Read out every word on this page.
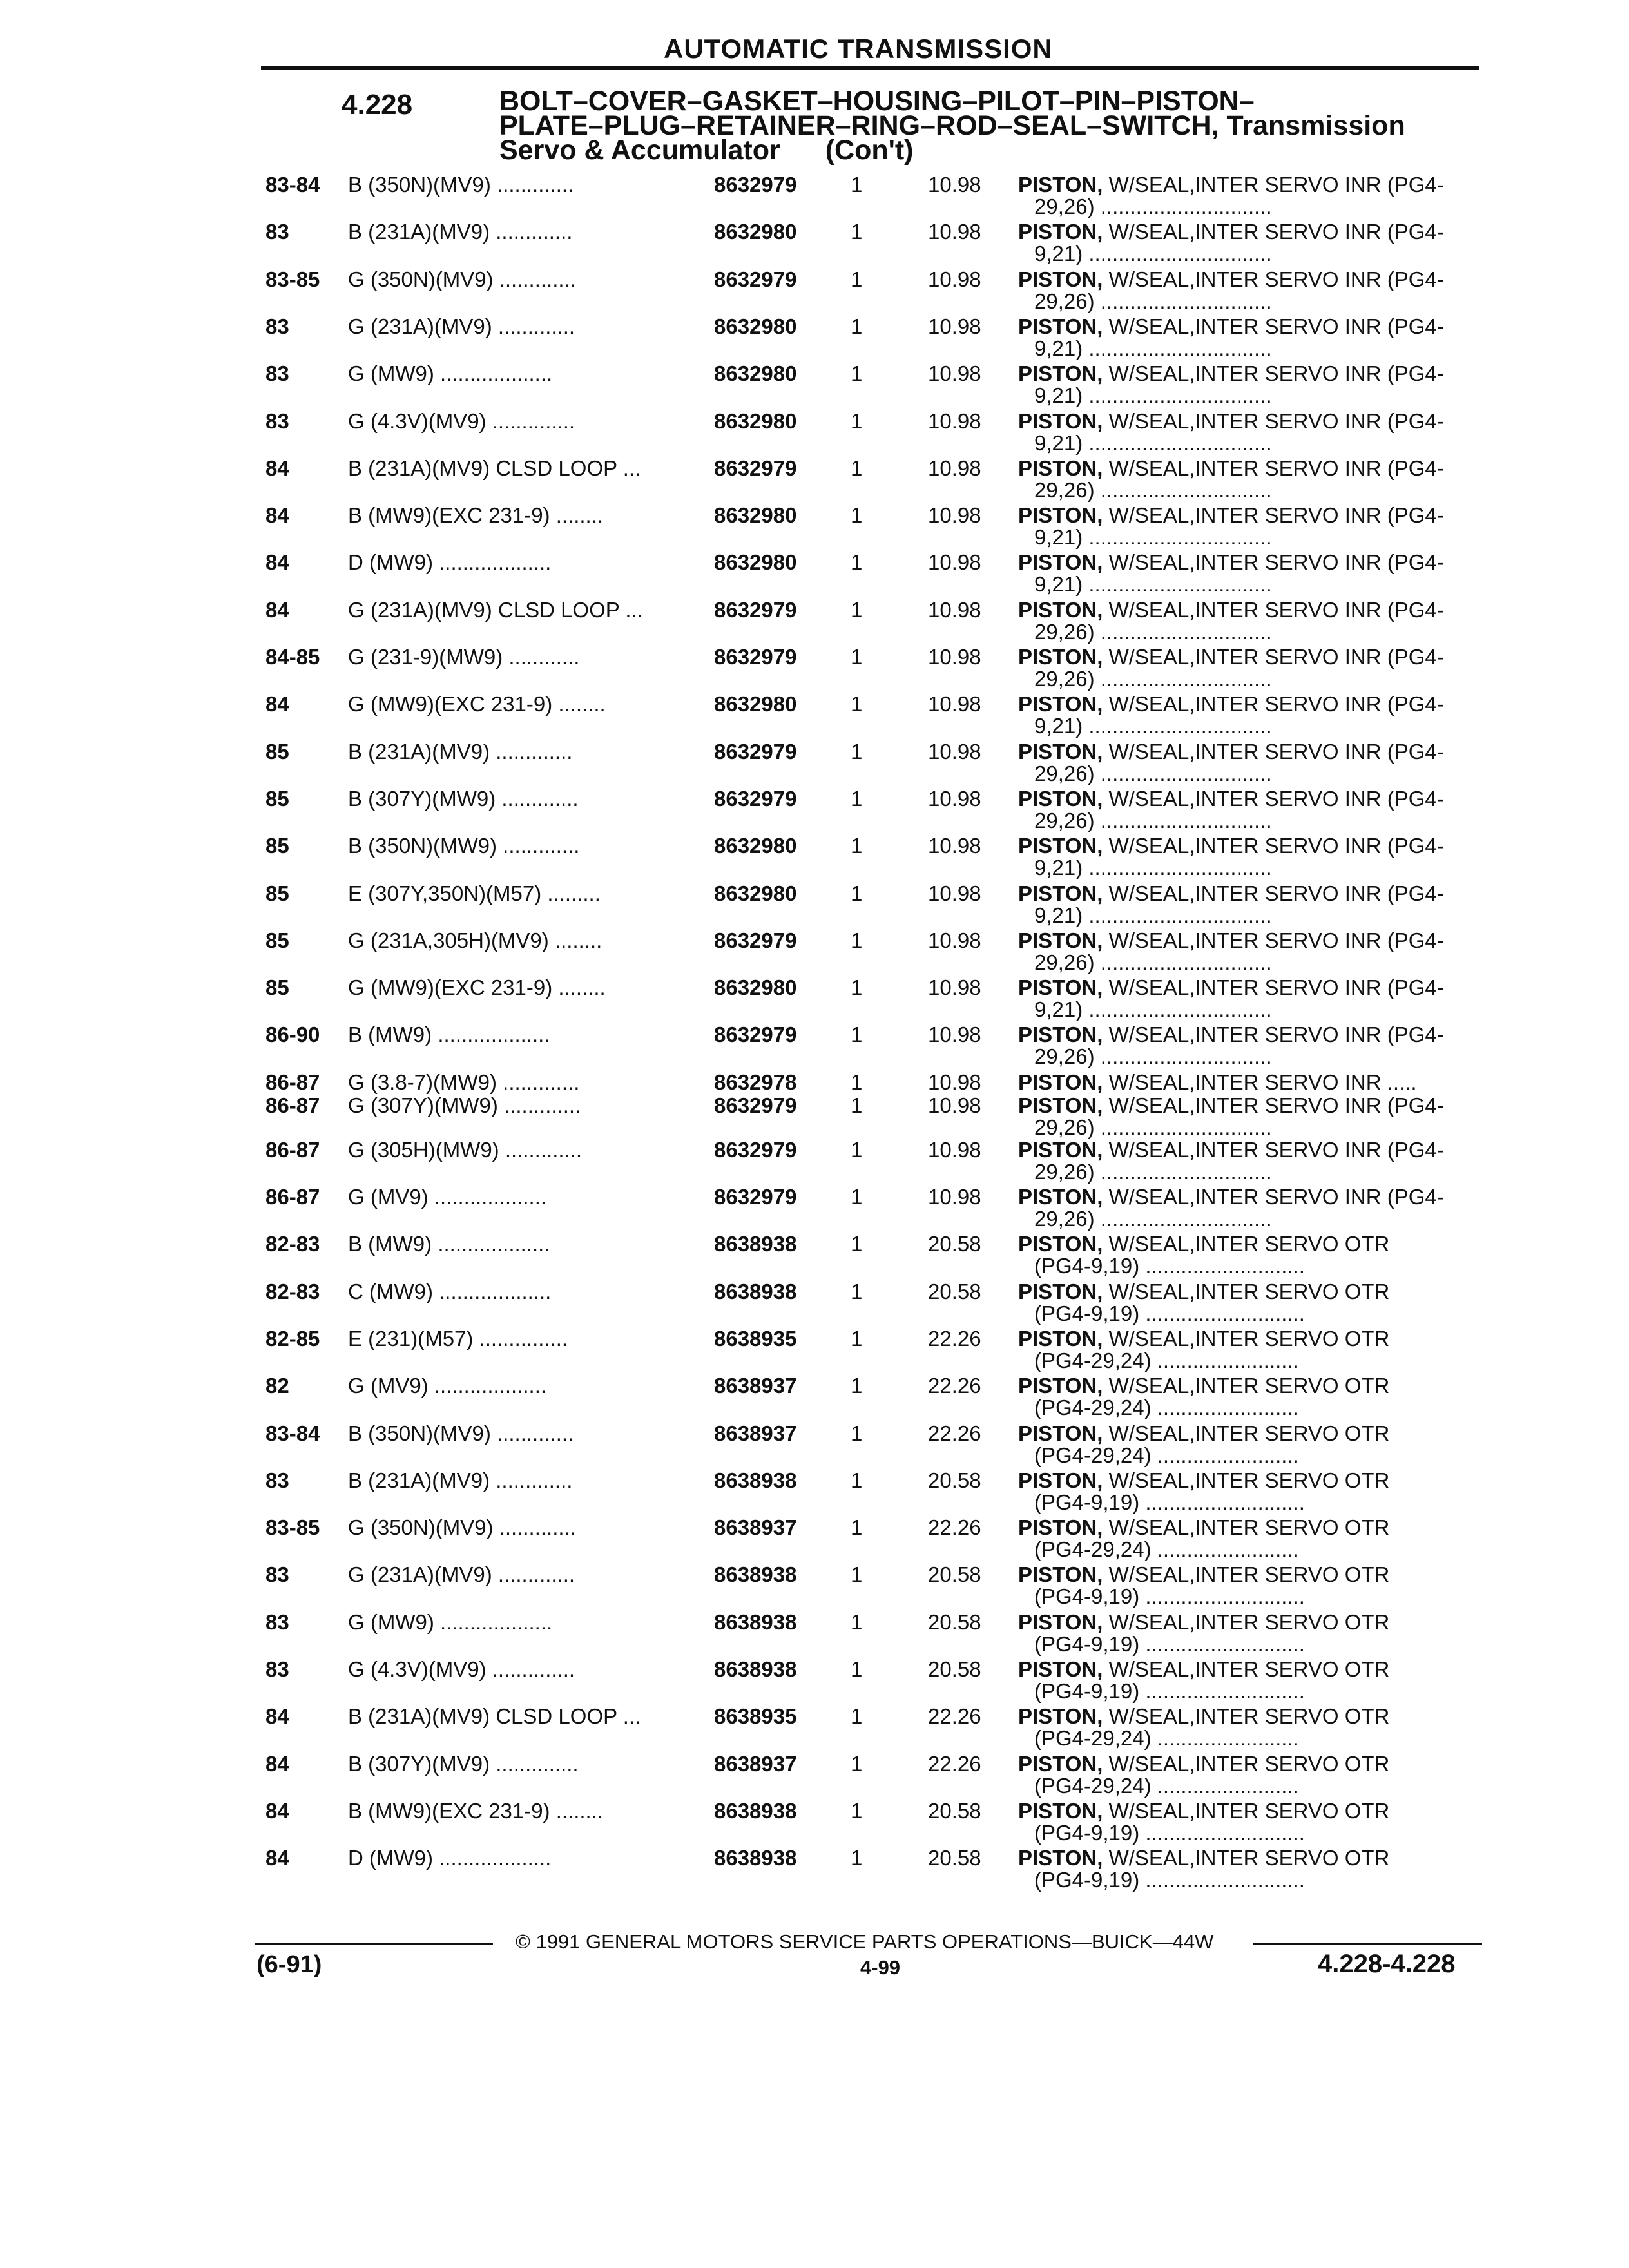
AUTOMATIC TRANSMISSION
4.228	BOLT–COVER–GASKET–HOUSING–PILOT–PIN–PISTON–
PLATE–PLUG–RETAINER–RING–ROD–SEAL–SWITCH, Transmission
Servo & Accumulator (Con't)
83-84 B (350N)(MV9) .............	8632979	1	10.98 PISTON, W/SEAL,INTER SERVO INR (PG4-
29,26) .............................
83	B (231A)(MV9) .............	8632980	1	10.98 PISTON, W/SEAL,INTER SERVO INR (PG4-
9,21) ...............................
83-85 G (350N)(MV9) .............	8632979	1	10.98 PISTON, W/SEAL,INTER SERVO INR (PG4-
29,26) .............................
83	G (231A)(MV9) .............	8632980	1	10.98 PISTON, W/SEAL,INTER SERVO INR (PG4-
9,21) ...............................
83	G (MW9) ...................	8632980	1	10.98 PISTON, W/SEAL,INTER SERVO INR (PG4-
9,21) ...............................
83	G (4.3V)(MV9) ..............	8632980	1	10.98 PISTON, W/SEAL,INTER SERVO INR (PG4-
9,21) ...............................
84	B (231A)(MV9) CLSD LOOP ...	8632979	1	10.98 PISTON, W/SEAL,INTER SERVO INR (PG4-
29,26) .............................
84	B (MW9)(EXC 231-9) ........	8632980	1	10.98 PISTON, W/SEAL,INTER SERVO INR (PG4-
9,21) ...............................
84	D (MW9) ...................	8632980	1	10.98 PISTON, W/SEAL,INTER SERVO INR (PG4-
9,21) ...............................
84	G (231A)(MV9) CLSD LOOP ...	8632979	1	10.98 PISTON, W/SEAL,INTER SERVO INR (PG4-
29,26) .............................
84-85 G (231-9)(MW9) ............	8632979	1	10.98 PISTON, W/SEAL,INTER SERVO INR (PG4-
29,26) .............................
84	G (MW9)(EXC 231-9) ........	8632980	1	10.98 PISTON, W/SEAL,INTER SERVO INR (PG4-
9,21) ...............................
85	B (231A)(MV9) .............	8632979	1	10.98 PISTON, W/SEAL,INTER SERVO INR (PG4-
29,26) .............................
85	B (307Y)(MW9) .............	8632979	1	10.98 PISTON, W/SEAL,INTER SERVO INR (PG4-
29,26) .............................
85	B (350N)(MW9) .............	8632980	1	10.98 PISTON, W/SEAL,INTER SERVO INR (PG4-
9,21) ...............................
85	E (307Y,350N)(M57) .........	8632980	1	10.98 PISTON, W/SEAL,INTER SERVO INR (PG4-
9,21) ...............................
85	G (231A,305H)(MV9) ........	8632979	1	10.98 PISTON, W/SEAL,INTER SERVO INR (PG4-
29,26) .............................
85	G (MW9)(EXC 231-9) ........	8632980	1	10.98 PISTON, W/SEAL,INTER SERVO INR (PG4-
9,21) ...............................
86-90 B (MW9) ...................	8632979	1	10.98 PISTON, W/SEAL,INTER SERVO INR (PG4-
29,26) .............................
86-87 G (3.8-7)(MW9) .............	8632978	1	10.98 PISTON, W/SEAL,INTER SERVO INR .....
86-87 G (307Y)(MW9) .............	8632979	1	10.98 PISTON, W/SEAL,INTER SERVO INR (PG4-
29,26) .............................
86-87 G (305H)(MW9) .............	8632979	1	10.98 PISTON, W/SEAL,INTER SERVO INR (PG4-
29,26) .............................
86-87 G (MV9) ...................	8632979	1	10.98 PISTON, W/SEAL,INTER SERVO INR (PG4-
29,26) .............................
82-83 B (MW9) ...................	8638938	1	20.58 PISTON, W/SEAL,INTER SERVO OTR
(PG4-9,19) ...........................
82-83 C (MW9) ...................	8638938	1	20.58 PISTON, W/SEAL,INTER SERVO OTR
(PG4-9,19) ...........................
82-85 E (231)(M57) ...............	8638935	1	22.26 PISTON, W/SEAL,INTER SERVO OTR
(PG4-29,24) ........................
82	G (MV9) ...................	8638937	1	22.26 PISTON, W/SEAL,INTER SERVO OTR
(PG4-29,24) ........................
83-84 B (350N)(MV9) .............	8638937	1	22.26 PISTON, W/SEAL,INTER SERVO OTR
(PG4-29,24) ........................
83	B (231A)(MV9) .............	8638938	1	20.58 PISTON, W/SEAL,INTER SERVO OTR
(PG4-9,19) ...........................
83-85 G (350N)(MV9) .............	8638937	1	22.26 PISTON, W/SEAL,INTER SERVO OTR
(PG4-29,24) ........................
83	G (231A)(MV9) .............	8638938	1	20.58 PISTON, W/SEAL,INTER SERVO OTR
(PG4-9,19) ...........................
83	G (MW9) ...................	8638938	1	20.58 PISTON, W/SEAL,INTER SERVO OTR
(PG4-9,19) ...........................
83	G (4.3V)(MV9) ..............	8638938	1	20.58 PISTON, W/SEAL,INTER SERVO OTR
(PG4-9,19) ...........................
84	B (231A)(MV9) CLSD LOOP ...	8638935	1	22.26 PISTON, W/SEAL,INTER SERVO OTR
(PG4-29,24) ........................
84	B (307Y)(MV9) ..............	8638937	1	22.26 PISTON, W/SEAL,INTER SERVO OTR
(PG4-29,24) ........................
84	B (MW9)(EXC 231-9) ........	8638938	1	20.58 PISTON, W/SEAL,INTER SERVO OTR
(PG4-9,19) ...........................
84	D (MW9) ...................	8638938	1	20.58 PISTON, W/SEAL,INTER SERVO OTR
(PG4-9,19) ...........................
© 1991 GENERAL MOTORS SERVICE PARTS OPERATIONS—BUICK—44W
(6-91)	4-99	4.228-4.228
